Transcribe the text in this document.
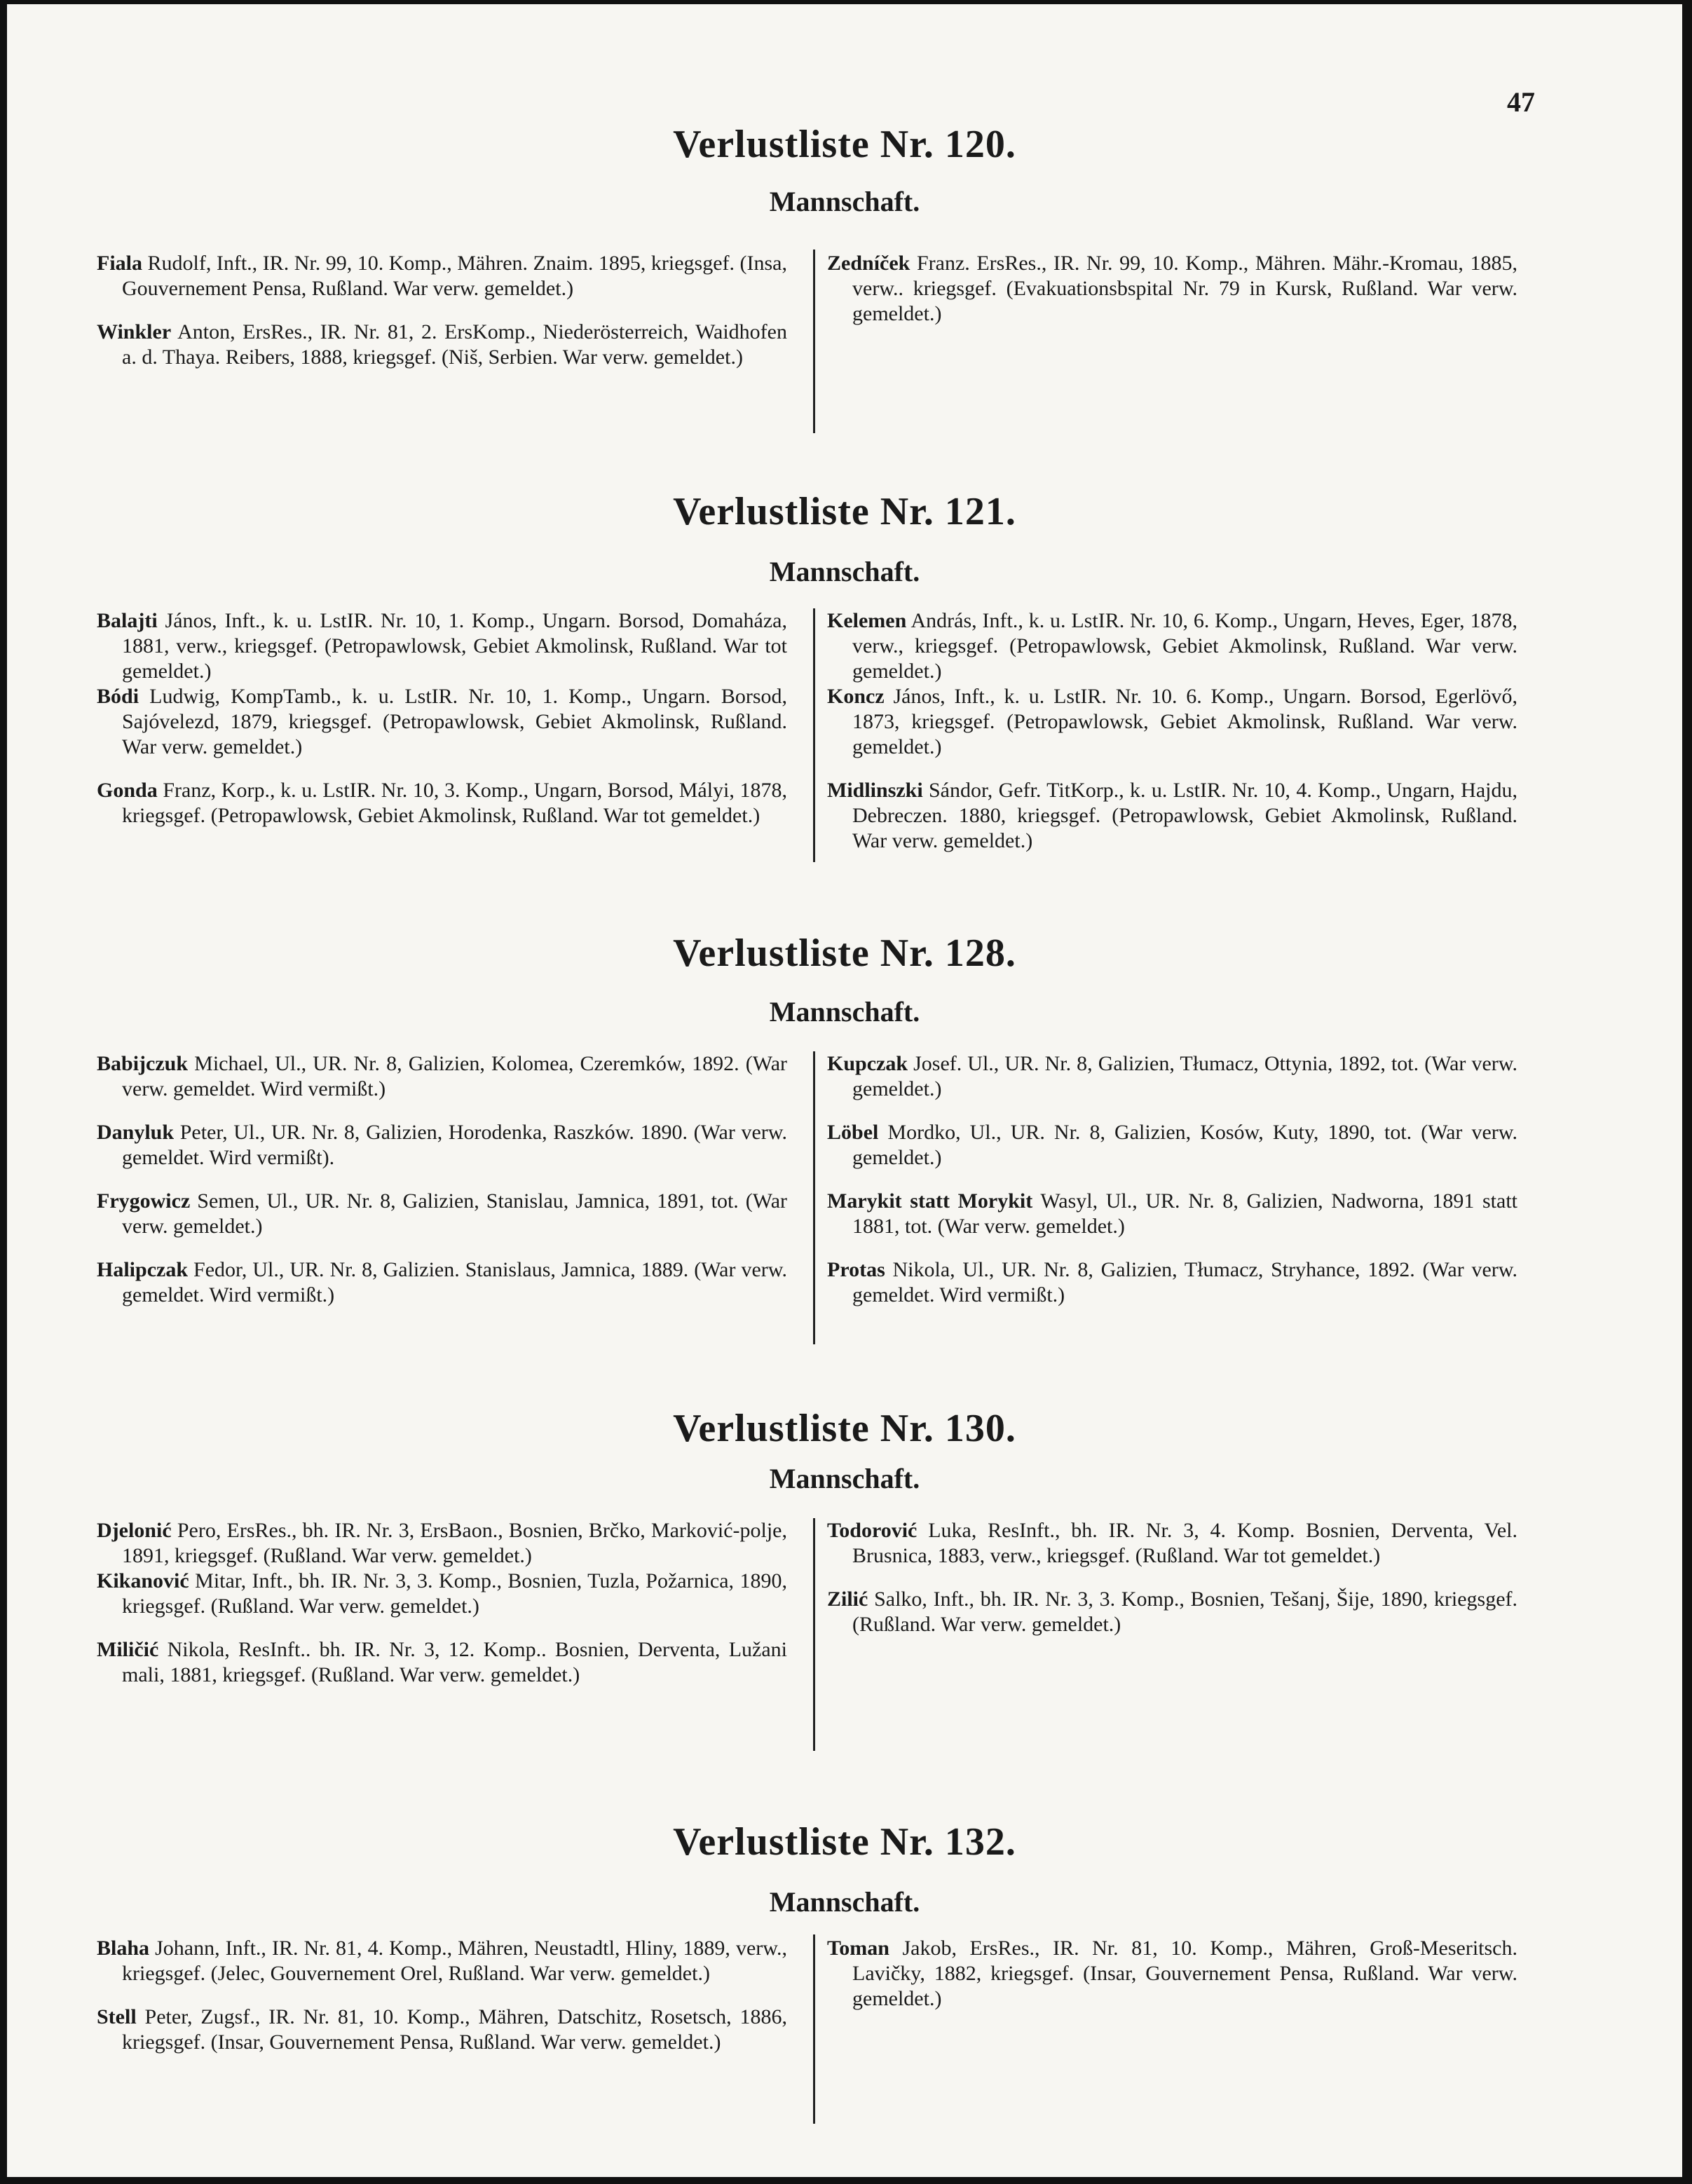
47
Verlustliste Nr. 120.
Mannschaft.

Fiala Rudolf, Inft., IR. Nr. 99, 10. Komp., Mähren. Znaim. 1895, kriegsgef. (Insa, Gouvernement Pensa, Rußland. War verw. gemeldet.)

Winkler Anton, ErsRes., IR. Nr. 81, 2. ErsKomp., Niederösterreich, Waidhofen a. d. Thaya. Reibers, 1888, kriegsgef. (Niš, Serbien. War verw. gemeldet.)

Zedníček Franz. ErsRes., IR. Nr. 99, 10. Komp., Mähren. Mähr.-Kromau, 1885, verw.. kriegsgef. (Evakuationsbspital Nr. 79 in Kursk, Rußland. War verw. gemeldet.)

Verlustliste Nr. 121.
Mannschaft.

Balajti János, Inft., k. u. LstIR. Nr. 10, 1. Komp., Ungarn. Borsod, Domaháza, 1881, verw., kriegsgef. (Petropawlowsk, Gebiet Akmolinsk, Rußland. War tot gemeldet.)

Bódi Ludwig, KompTamb., k. u. LstIR. Nr. 10, 1. Komp., Ungarn. Borsod, Sajóvelezd, 1879, kriegsgef. (Petropawlowsk, Gebiet Akmolinsk, Rußland. War verw. gemeldet.)

Gonda Franz, Korp., k. u. LstIR. Nr. 10, 3. Komp., Ungarn, Borsod, Mályi, 1878, kriegsgef. (Petropawlowsk, Gebiet Akmolinsk, Rußland. War tot gemeldet.)

Kelemen András, Inft., k. u. LstIR. Nr. 10, 6. Komp., Ungarn, Heves, Eger, 1878, verw., kriegsgef. (Petropawlowsk, Gebiet Akmolinsk, Rußland. War verw. gemeldet.)

Koncz János, Inft., k. u. LstIR. Nr. 10. 6. Komp., Ungarn. Borsod, Egerlövő, 1873, kriegsgef. (Petropawlowsk, Gebiet Akmolinsk, Rußland. War verw. gemeldet.)

Midlinszki Sándor, Gefr. TitKorp., k. u. LstIR. Nr. 10, 4. Komp., Ungarn, Hajdu, Debreczen. 1880, kriegsgef. (Petropawlowsk, Gebiet Akmolinsk, Rußland. War verw. gemeldet.)

Verlustliste Nr. 128.
Mannschaft.

Babijczuk Michael, Ul., UR. Nr. 8, Galizien, Kolomea, Czeremków, 1892. (War verw. gemeldet. Wird vermißt.)

Danyluk Peter, Ul., UR. Nr. 8, Galizien, Horodenka, Raszków. 1890. (War verw. gemeldet. Wird vermißt).

Frygowicz Semen, Ul., UR. Nr. 8, Galizien, Stanislau, Jamnica, 1891, tot. (War verw. gemeldet.)

Halipczak Fedor, Ul., UR. Nr. 8, Galizien. Stanislaus, Jamnica, 1889. (War verw. gemeldet. Wird vermißt.)

Kupczak Josef. Ul., UR. Nr. 8, Galizien, Tłumacz, Ottynia, 1892, tot. (War verw. gemeldet.)

Löbel Mordko, Ul., UR. Nr. 8, Galizien, Kosów, Kuty, 1890, tot. (War verw. gemeldet.)

Marykit statt Morykit Wasyl, Ul., UR. Nr. 8, Galizien, Nadworna, 1891 statt 1881, tot. (War verw. gemeldet.)

Protas Nikola, Ul., UR. Nr. 8, Galizien, Tłumacz, Stryhance, 1892. (War verw. gemeldet. Wird vermißt.)

Verlustliste Nr. 130.
Mannschaft.

Djelonić Pero, ErsRes., bh. IR. Nr. 3, ErsBaon., Bosnien, Brčko, Marković-polje, 1891, kriegsgef. (Rußland. War verw. gemeldet.)

Kikanović Mitar, Inft., bh. IR. Nr. 3, 3. Komp., Bosnien, Tuzla, Požarnica, 1890, kriegsgef. (Rußland. War verw. gemeldet.)

Miličić Nikola, ResInft.. bh. IR. Nr. 3, 12. Komp.. Bosnien, Derventa, Lužani mali, 1881, kriegsgef. (Rußland. War verw. gemeldet.)

Todorović Luka, ResInft., bh. IR. Nr. 3, 4. Komp. Bosnien, Derventa, Vel. Brusnica, 1883, verw., kriegsgef. (Rußland. War tot gemeldet.)

Zilić Salko, Inft., bh. IR. Nr. 3, 3. Komp., Bosnien, Tešanj, Šije, 1890, kriegsgef. (Rußland. War verw. gemeldet.)

Verlustliste Nr. 132.
Mannschaft.

Blaha Johann, Inft., IR. Nr. 81, 4. Komp., Mähren, Neustadtl, Hliny, 1889, verw., kriegsgef. (Jelec, Gouvernement Orel, Rußland. War verw. gemeldet.)

Stell Peter, Zugsf., IR. Nr. 81, 10. Komp., Mähren, Datschitz, Rosetsch, 1886, kriegsgef. (Insar, Gouvernement Pensa, Rußland. War verw. gemeldet.)

Toman Jakob, ErsRes., IR. Nr. 81, 10. Komp., Mähren, Groß-Meseritsch. Lavičky, 1882, kriegsgef. (Insar, Gouvernement Pensa, Rußland. War verw. gemeldet.)
